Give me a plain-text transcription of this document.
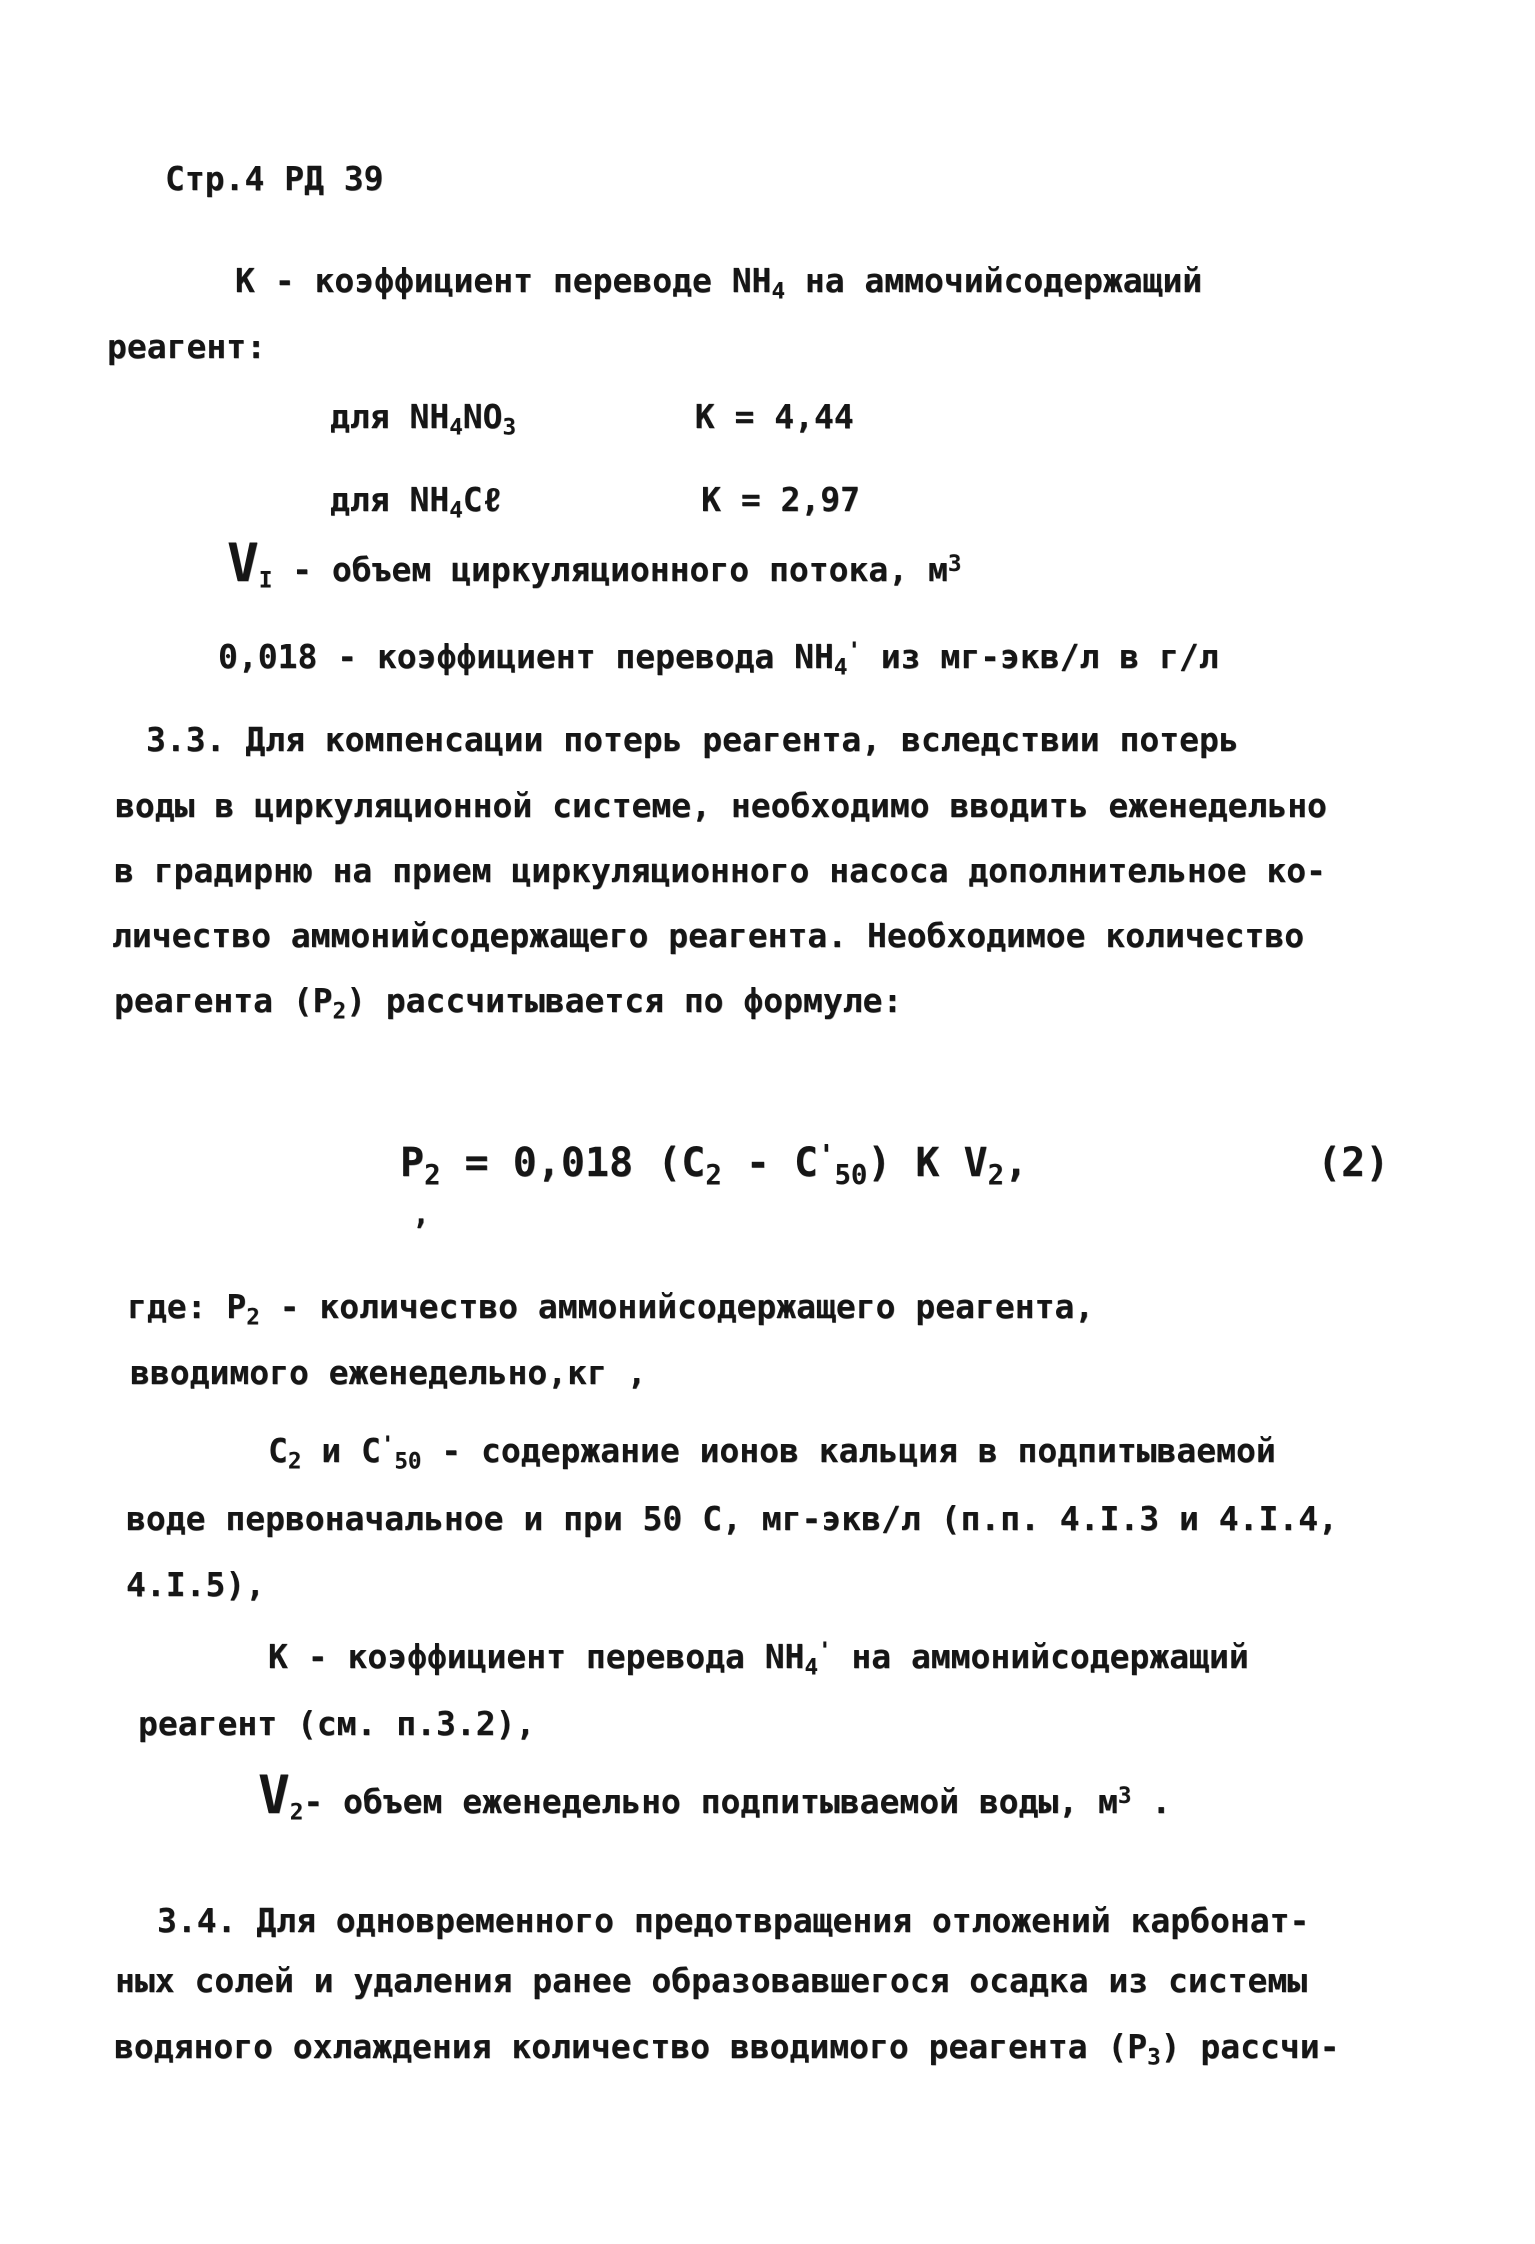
Стр.4 РД 39
К - коэффициент переводе $NH_4$ на аммочийсодержащий
реагент:
для $NH_4NO_3$         К = 4,44
для $NH_4C\ell$          К = 2,97
$V_I$ - объем циркуляционного потока, $м^3$
0,018 - коэффициент перевода $NH_4'$ из мг-экв/л в г/л
3.3. Для компенсации потерь реагента, вследствии потерь
воды в циркуляционной системе, необходимо вводить еженедельно
в градирню на прием циркуляционного насоса дополнительное ко-
личество аммонийсодержащего реагента. Необходимое количество
реагента $(Р_2)$ рассчитывается по формуле:
$Р_2 = 0,018$ $(С_2 - С'_{50})$ К $V_2$,            (2)
,
где: $Р_2$ - количество аммонийсодержащего реагента,
вводимого еженедельно,кг ,
$С_2$ и $С'_{50}$ - содержание ионов кальция в подпитываемой
воде первоначальное и при 50 С, мг-экв/л (п.п. 4.I.3 и 4.I.4,
4.I.5),
К - коэффициент перевода $NH_4'$ на аммонийсодержащий
реагент (см. п.3.2),
$V_2-$ объем еженедельно подпитываемой воды, $м^3$ .
3.4. Для одновременного предотвращения отложений карбонат-
ных солей и удаления ранее образовавшегося осадка из системы
водяного охлаждения количество вводимого реагента $(Р_3)$ рассчи-
